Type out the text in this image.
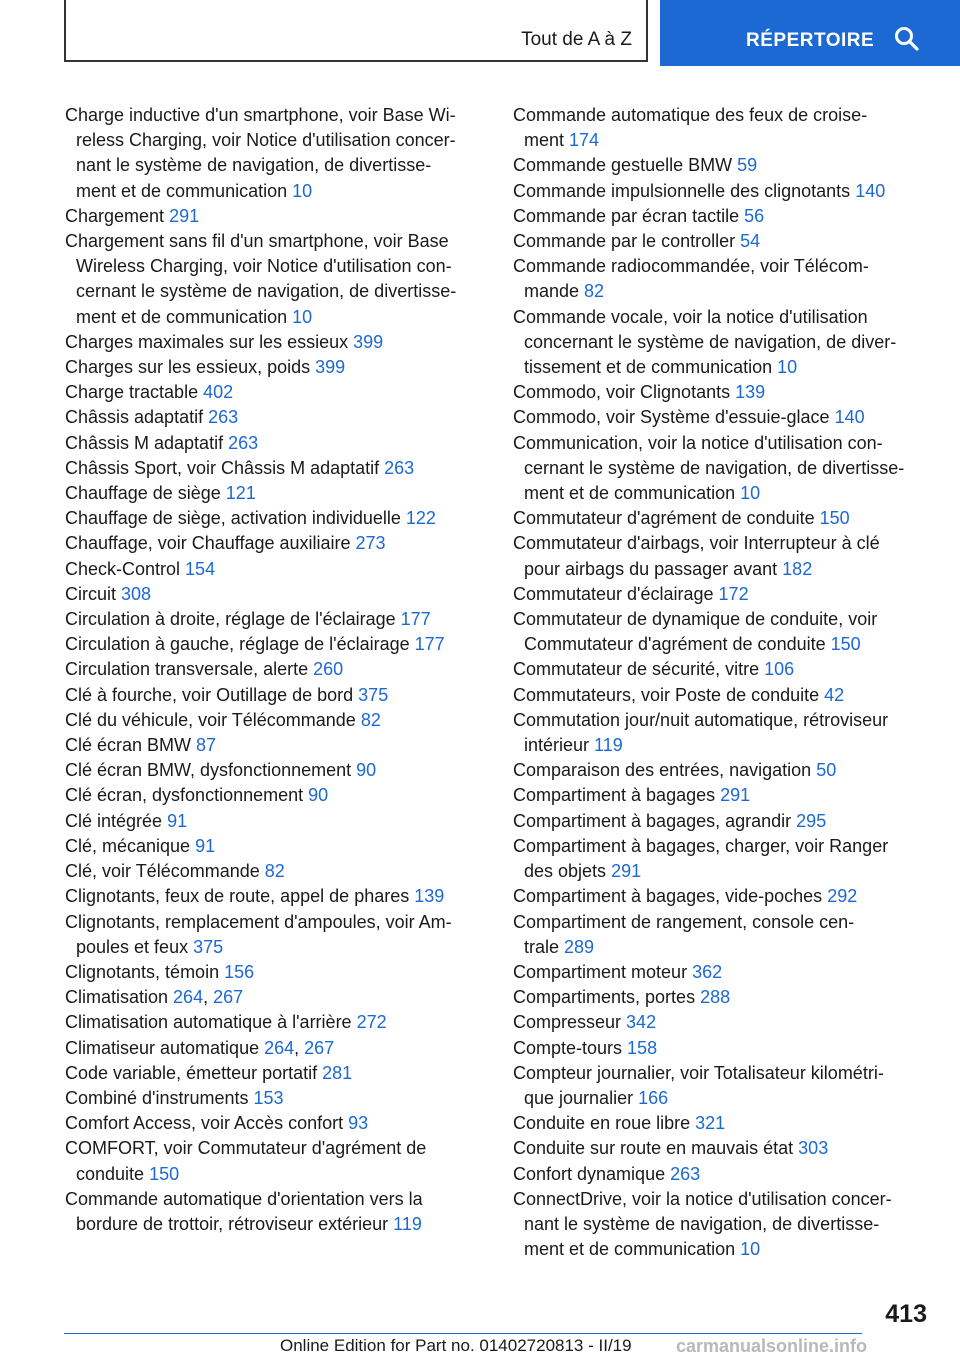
Tout de A à Z	RÉPERTOIRE
Charge inductive d'un smartphone, voir Base Wi-
reless Charging, voir Notice d'utilisation concer-
nant le système de navigation, de divertisse-
ment et de communication 10
Chargement 291
Chargement sans fil d'un smartphone, voir Base
Wireless Charging, voir Notice d'utilisation con-
cernant le système de navigation, de divertisse-
ment et de communication 10
Charges maximales sur les essieux 399
Charges sur les essieux, poids 399
Charge tractable 402
Châssis adaptatif 263
Châssis M adaptatif 263
Châssis Sport, voir Châssis M adaptatif 263
Chauffage de siège 121
Chauffage de siège, activation individuelle 122
Chauffage, voir Chauffage auxiliaire 273
Check-Control 154
Circuit 308
Circulation à droite, réglage de l'éclairage 177
Circulation à gauche, réglage de l'éclairage 177
Circulation transversale, alerte 260
Clé à fourche, voir Outillage de bord 375
Clé du véhicule, voir Télécommande 82
Clé écran BMW 87
Clé écran BMW, dysfonctionnement 90
Clé écran, dysfonctionnement 90
Clé intégrée 91
Clé, mécanique 91
Clé, voir Télécommande 82
Clignotants, feux de route, appel de phares 139
Clignotants, remplacement d'ampoules, voir Am-
poules et feux 375
Clignotants, témoin 156
Climatisation 264, 267
Climatisation automatique à l'arrière 272
Climatiseur automatique 264, 267
Code variable, émetteur portatif 281
Combiné d'instruments 153
Comfort Access, voir Accès confort 93
COMFORT, voir Commutateur d'agrément de
conduite 150
Commande automatique d'orientation vers la
bordure de trottoir, rétroviseur extérieur 119
Commande automatique des feux de croise-
ment 174
Commande gestuelle BMW 59
Commande impulsionnelle des clignotants 140
Commande par écran tactile 56
Commande par le controller 54
Commande radiocommandée, voir Télécom-
mande 82
Commande vocale, voir la notice d'utilisation
concernant le système de navigation, de diver-
tissement et de communication 10
Commodo, voir Clignotants 139
Commodo, voir Système d'essuie-glace 140
Communication, voir la notice d'utilisation con-
cernant le système de navigation, de divertisse-
ment et de communication 10
Commutateur d'agrément de conduite 150
Commutateur d'airbags, voir Interrupteur à clé
pour airbags du passager avant 182
Commutateur d'éclairage 172
Commutateur de dynamique de conduite, voir
Commutateur d'agrément de conduite 150
Commutateur de sécurité, vitre 106
Commutateurs, voir Poste de conduite 42
Commutation jour/nuit automatique, rétroviseur
intérieur 119
Comparaison des entrées, navigation 50
Compartiment à bagages 291
Compartiment à bagages, agrandir 295
Compartiment à bagages, charger, voir Ranger
des objets 291
Compartiment à bagages, vide-poches 292
Compartiment de rangement, console cen-
trale 289
Compartiment moteur 362
Compartiments, portes 288
Compresseur 342
Compte-tours 158
Compteur journalier, voir Totalisateur kilométri-
que journalier 166
Conduite en roue libre 321
Conduite sur route en mauvais état 303
Confort dynamique 263
ConnectDrive, voir la notice d'utilisation concer-
nant le système de navigation, de divertisse-
ment et de communication 10
413
Online Edition for Part no. 01402720813 - II/19 carmanualsonline.info
